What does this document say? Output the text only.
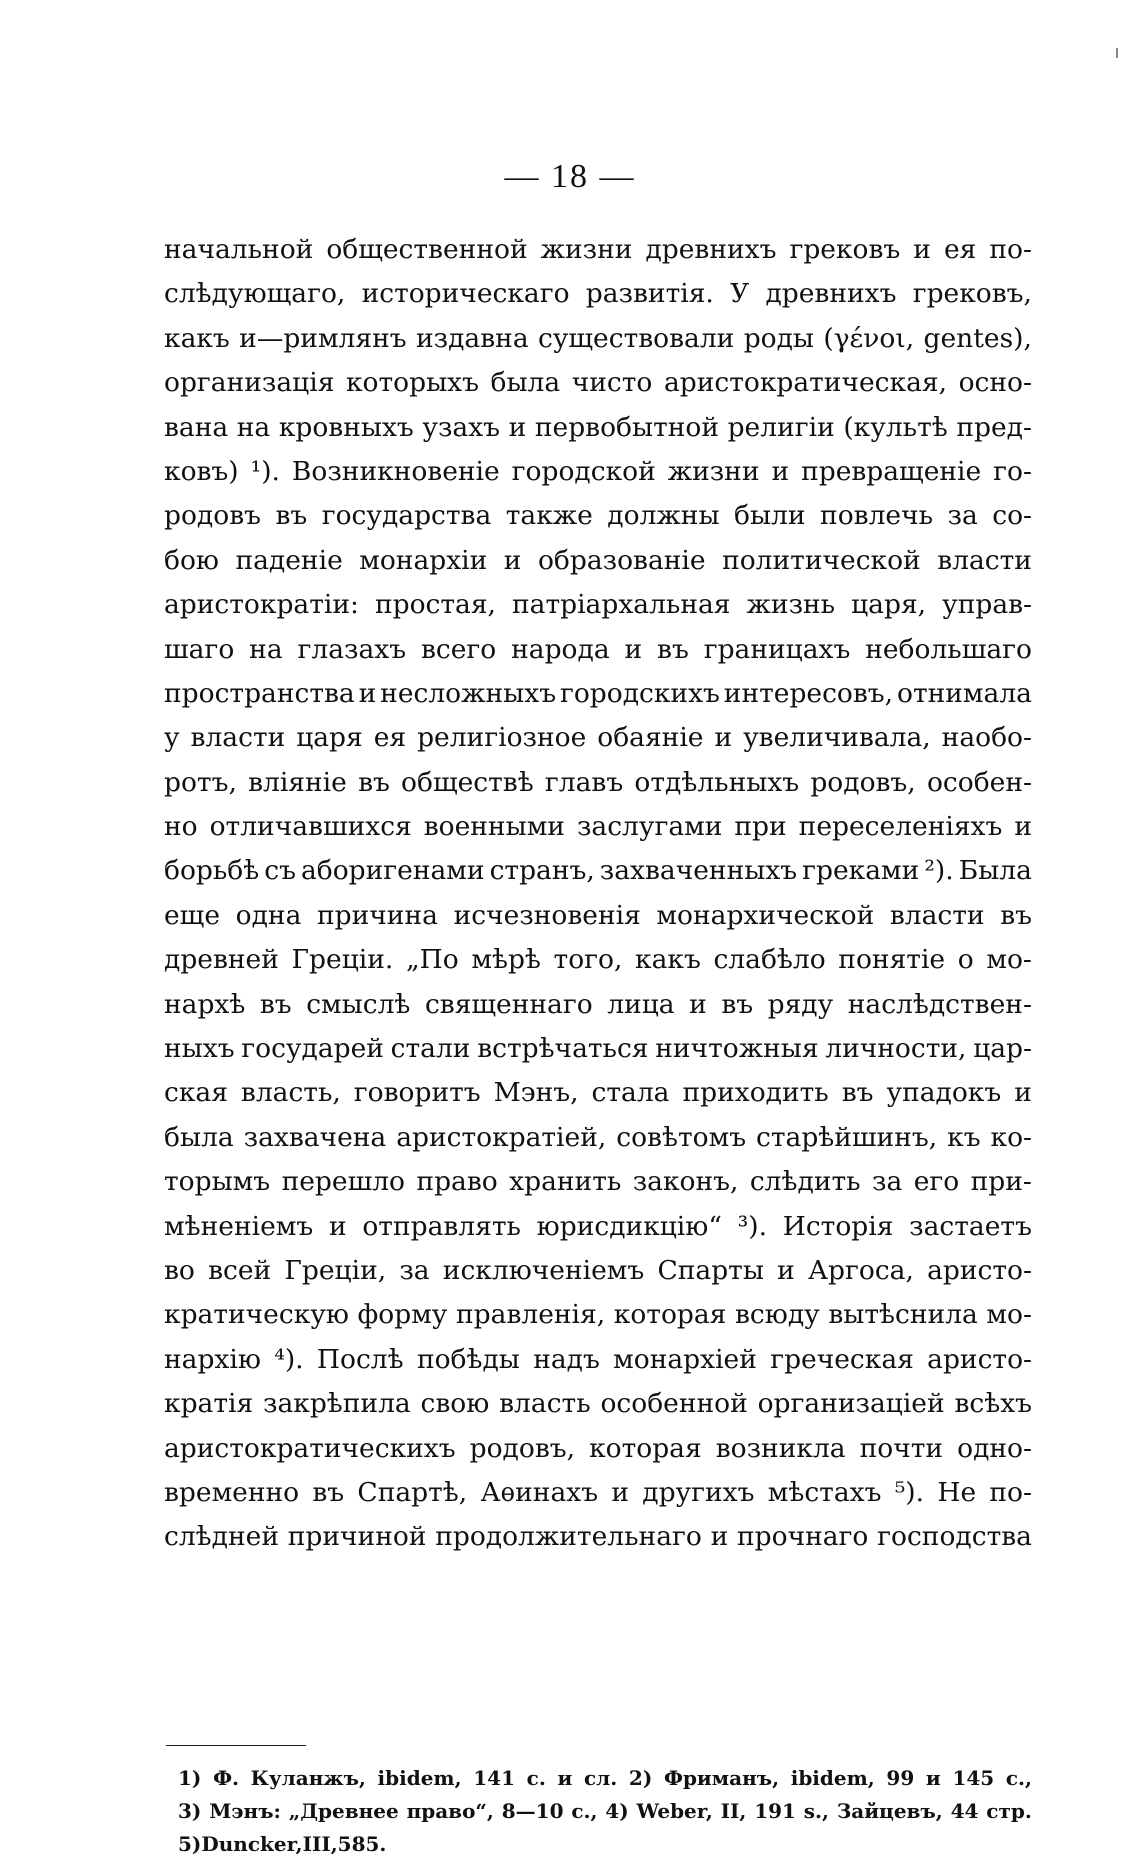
— 18 —
начальной общественной жизни древнихъ грековъ и ея по-
слѣдующаго, историческаго развитія. У древнихъ грековъ,
какъ и—римлянъ издавна существовали роды (γένοι, gentes),
организація которыхъ была чисто аристократическая, осно-
вана на кровныхъ узахъ и первобытной религіи (культѣ пред-
ковъ) ¹). Возникновеніе городской жизни и превращеніе го-
родовъ въ государства также должны были повлечь за со-
бою паденіе монархіи и образованіе политической власти
аристократіи: простая, патріархальная жизнь царя, управ-
шаго на глазахъ всего народа и въ границахъ небольшаго
пространства и несложныхъ городскихъ интересовъ, отнимала
у власти царя ея религіозное обаяніе и увеличивала, наобо-
ротъ, вліяніе въ обществѣ главъ отдѣльныхъ родовъ, особен-
но отличавшихся военными заслугами при переселеніяхъ и
борьбѣ съ аборигенами странъ, захваченныхъ греками ²). Была
еще одна причина исчезновенія монархической власти въ
древней Греціи. „По мѣрѣ того, какъ слабѣло понятіе о мо-
нархѣ въ смыслѣ священнаго лица и въ ряду наслѣдствен-
ныхъ государей стали встрѣчаться ничтожныя личности, цар-
ская власть, говоритъ Мэнъ, стала приходить въ упадокъ и
была захвачена аристократіей, совѣтомъ старѣйшинъ, къ ко-
торымъ перешло право хранить законъ, слѣдить за его при-
мѣненіемъ и отправлять юрисдикцію“ ³). Исторія застаетъ
во всей Греціи, за исключеніемъ Спарты и Аргоса, аристо-
кратическую форму правленія, которая всюду вытѣснила мо-
нархію ⁴). Послѣ побѣды надъ монархіей греческая аристо-
кратія закрѣпила свою власть особенной организаціей всѣхъ
аристократическихъ родовъ, которая возникла почти одно-
временно въ Спартѣ, Аѳинахъ и другихъ мѣстахъ ⁵). Не по-
слѣдней причиной продолжительнаго и прочнаго господства
1) Ф. Куланжъ, ibidem, 141 с. и сл. 2) Фриманъ, ibidem, 99 и 145 с.,
3) Мэнъ: „Древнее право“, 8—10 с., 4) Weber, II, 191 s., Зайцевъ, 44 стр.
5) Duncker, III, 585.
